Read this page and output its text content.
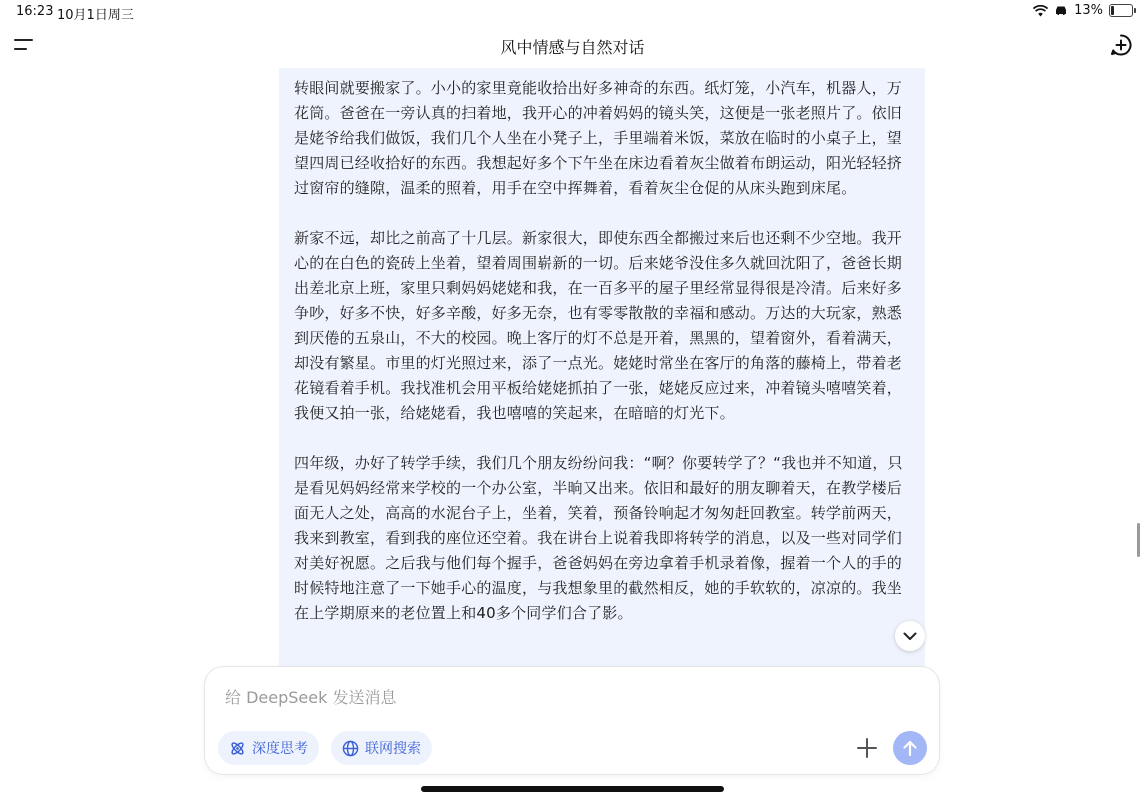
16:23 10月1日周三	13%
风中情感与自然对话

转眼间就要搬家了。小小的家里竟能收拾出好多神奇的东西。纸灯笼，小汽车，机器人，万花筒。爸爸在一旁认真的扫着地，我开心的冲着妈妈的镜头笑，这便是一张老照片了。依旧是姥爷给我们做饭，我们几个人坐在小凳子上，手里端着米饭，菜放在临时的小桌子上，望望四周已经收拾好的东西。我想起好多个下午坐在床边看着灰尘做着布朗运动，阳光轻轻挤过窗帘的缝隙，温柔的照着，用手在空中挥舞着，看着灰尘仓促的从床头跑到床尾。

新家不远，却比之前高了十几层。新家很大，即使东西全都搬过来后也还剩不少空地。我开心的在白色的瓷砖上坐着，望着周围崭新的一切。后来姥爷没住多久就回沈阳了，爸爸长期出差北京上班，家里只剩妈妈姥姥和我，在一百多平的屋子里经常显得很是冷清。后来好多争吵，好多不快，好多辛酸，好多无奈，也有零零散散的幸福和感动。万达的大玩家，熟悉到厌倦的五泉山，不大的校园。晚上客厅的灯不总是开着，黑黑的，望着窗外，看着满天，却没有繁星。市里的灯光照过来，添了一点光。姥姥时常坐在客厅的角落的藤椅上，带着老花镜看着手机。我找准机会用平板给姥姥抓拍了一张，姥姥反应过来，冲着镜头嘻嘻笑着，我便又拍一张，给姥姥看，我也嘻嘻的笑起来，在暗暗的灯光下。

四年级，办好了转学手续，我们几个朋友纷纷问我：“啊？你要转学了？“我也并不知道，只是看见妈妈经常来学校的一个办公室，半晌又出来。依旧和最好的朋友聊着天，在教学楼后面无人之处，高高的水泥台子上，坐着，笑着，预备铃响起才匆匆赶回教室。转学前两天，我来到教室，看到我的座位还空着。我在讲台上说着我即将转学的消息，以及一些对同学们对美好祝愿。之后我与他们每个握手，爸爸妈妈在旁边拿着手机录着像，握着一个人的手的时候特地注意了一下她手心的温度，与我想象里的截然相反，她的手软软的，凉凉的。我坐在上学期原来的老位置上和40多个同学们合了影。

给 DeepSeek 发送消息
深度思考	联网搜索
